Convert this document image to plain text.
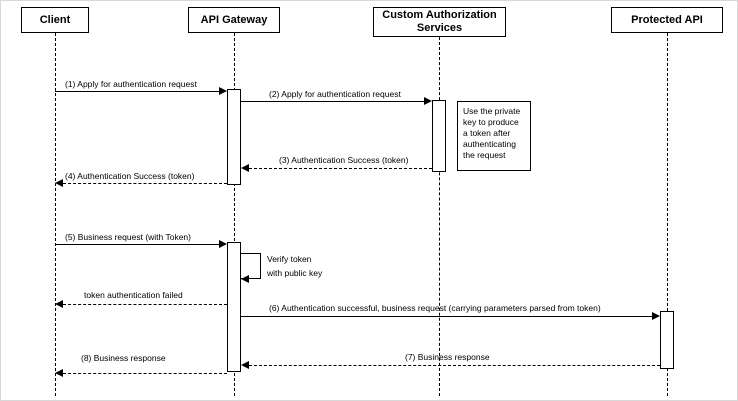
Client	API Gateway	Custom Authorization Services
Protected API
(1) Apply for authentication request
(2) Apply for authentication request
Use the private key to produce a token after authenticating the request
(3) Authentication Success (token)
(4) Authentication Success (token)
(5) Business request (with Token)
Verify token
with public key
token authentication failed
(6) Authentication successful, business request (carrying parameters parsed from token)
(7) Business response
(8) Business response
